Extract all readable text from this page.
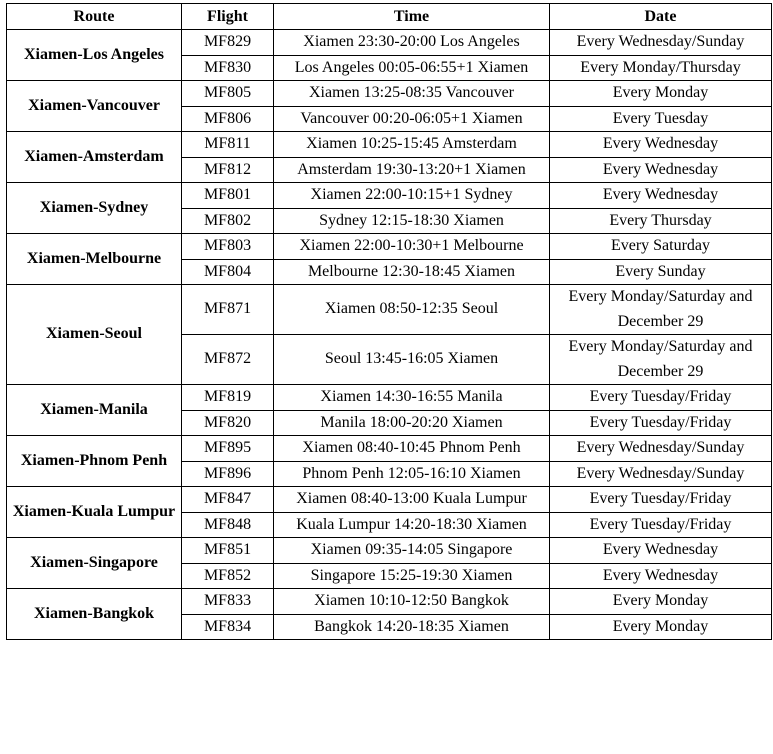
Route	Flight	Time	Date
Xiamen-Los Angeles	MF829	Xiamen 23:30-20:00 Los Angeles	Every Wednesday/Sunday
	MF830	Los Angeles 00:05-06:55+1 Xiamen	Every Monday/Thursday
Xiamen-Vancouver	MF805	Xiamen 13:25-08:35 Vancouver	Every Monday
	MF806	Vancouver 00:20-06:05+1 Xiamen	Every Tuesday
Xiamen-Amsterdam	MF811	Xiamen 10:25-15:45 Amsterdam	Every Wednesday
	MF812	Amsterdam 19:30-13:20+1 Xiamen	Every Wednesday
Xiamen-Sydney	MF801	Xiamen 22:00-10:15+1 Sydney	Every Wednesday
	MF802	Sydney 12:15-18:30 Xiamen	Every Thursday
Xiamen-Melbourne	MF803	Xiamen 22:00-10:30+1 Melbourne	Every Saturday
	MF804	Melbourne 12:30-18:45 Xiamen	Every Sunday
Xiamen-Seoul	MF871	Xiamen 08:50-12:35 Seoul	Every Monday/Saturday and December 29
	MF872	Seoul 13:45-16:05 Xiamen	Every Monday/Saturday and December 29
Xiamen-Manila	MF819	Xiamen 14:30-16:55 Manila	Every Tuesday/Friday
	MF820	Manila 18:00-20:20 Xiamen	Every Tuesday/Friday
Xiamen-Phnom Penh	MF895	Xiamen 08:40-10:45 Phnom Penh	Every Wednesday/Sunday
	MF896	Phnom Penh 12:05-16:10 Xiamen	Every Wednesday/Sunday
Xiamen-Kuala Lumpur	MF847	Xiamen 08:40-13:00 Kuala Lumpur	Every Tuesday/Friday
	MF848	Kuala Lumpur 14:20-18:30 Xiamen	Every Tuesday/Friday
Xiamen-Singapore	MF851	Xiamen 09:35-14:05 Singapore	Every Wednesday
	MF852	Singapore 15:25-19:30 Xiamen	Every Wednesday
Xiamen-Bangkok	MF833	Xiamen 10:10-12:50 Bangkok	Every Monday
	MF834	Bangkok 14:20-18:35 Xiamen	Every Monday
